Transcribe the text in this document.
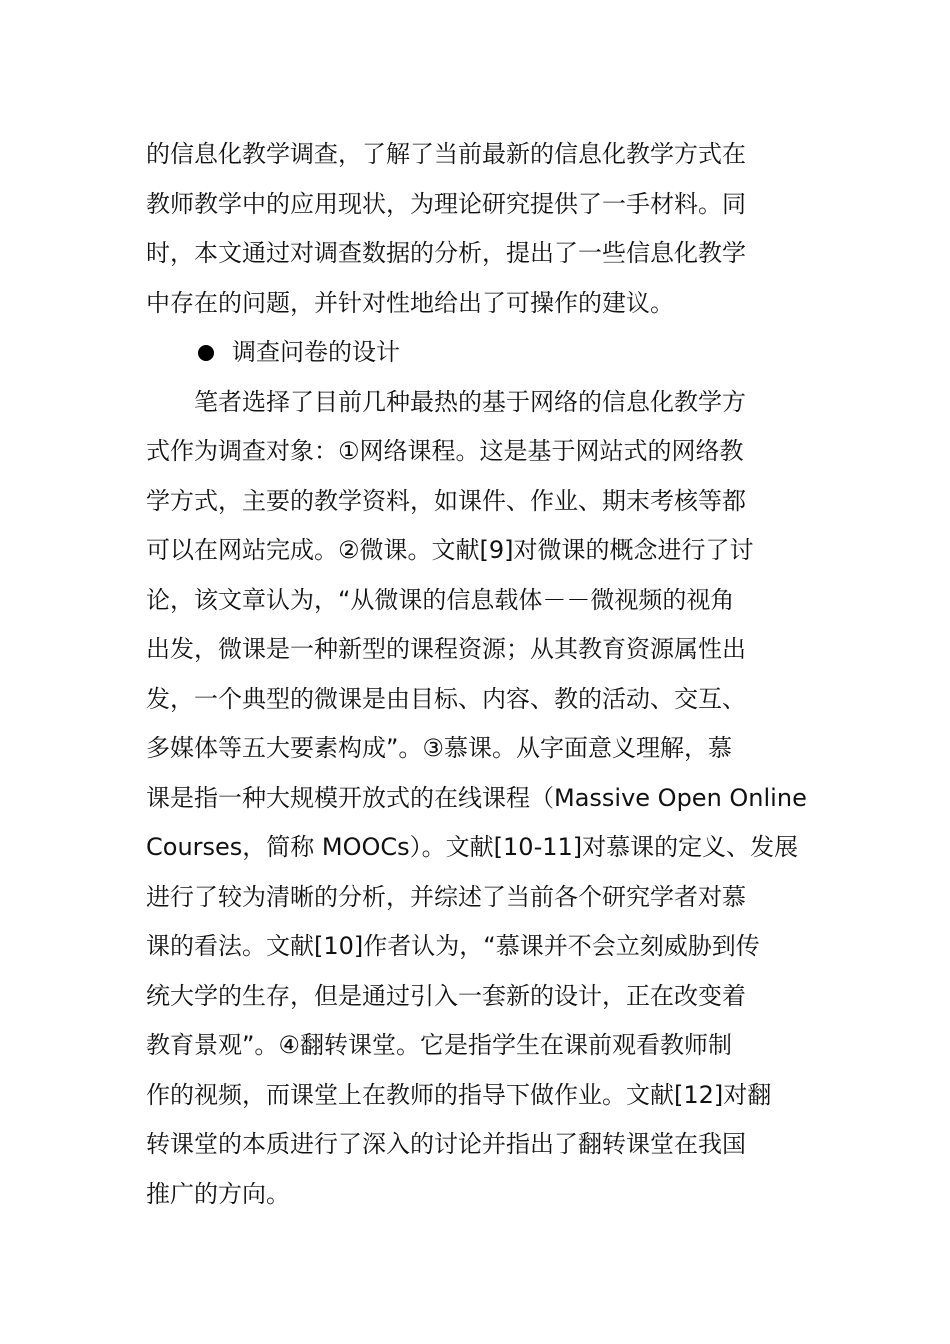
的信息化教学调查，了解了当前最新的信息化教学方式在
教师教学中的应用现状，为理论研究提供了一手材料。同
时，本文通过对调查数据的分析，提出了一些信息化教学
中存在的问题，并针对性地给出了可操作的建议。
调查问卷的设计
　　笔者选择了目前几种最热的基于网络的信息化教学方
式作为调查对象：①网络课程。这是基于网站式的网络教
学方式，主要的教学资料，如课件、作业、期末考核等都
可以在网站完成。②微课。文献[9]对微课的概念进行了讨
论，该文章认为，“从微课的信息载体－－微视频的视角
出发，微课是一种新型的课程资源；从其教育资源属性出
发，一个典型的微课是由目标、内容、教的活动、交互、
多媒体等五大要素构成”。③慕课。从字面意义理解，慕
课是指一种大规模开放式的在线课程（Massive Open Online
Courses，简称 MOOCs）。文献[10-11]对慕课的定义、发展
进行了较为清晰的分析，并综述了当前各个研究学者对慕
课的看法。文献[10]作者认为，“慕课并不会立刻威胁到传
统大学的生存，但是通过引入一套新的设计，正在改变着
教育景观”。④翻转课堂。它是指学生在课前观看教师制
作的视频，而课堂上在教师的指导下做作业。文献[12]对翻
转课堂的本质进行了深入的讨论并指出了翻转课堂在我国
推广的方向。
